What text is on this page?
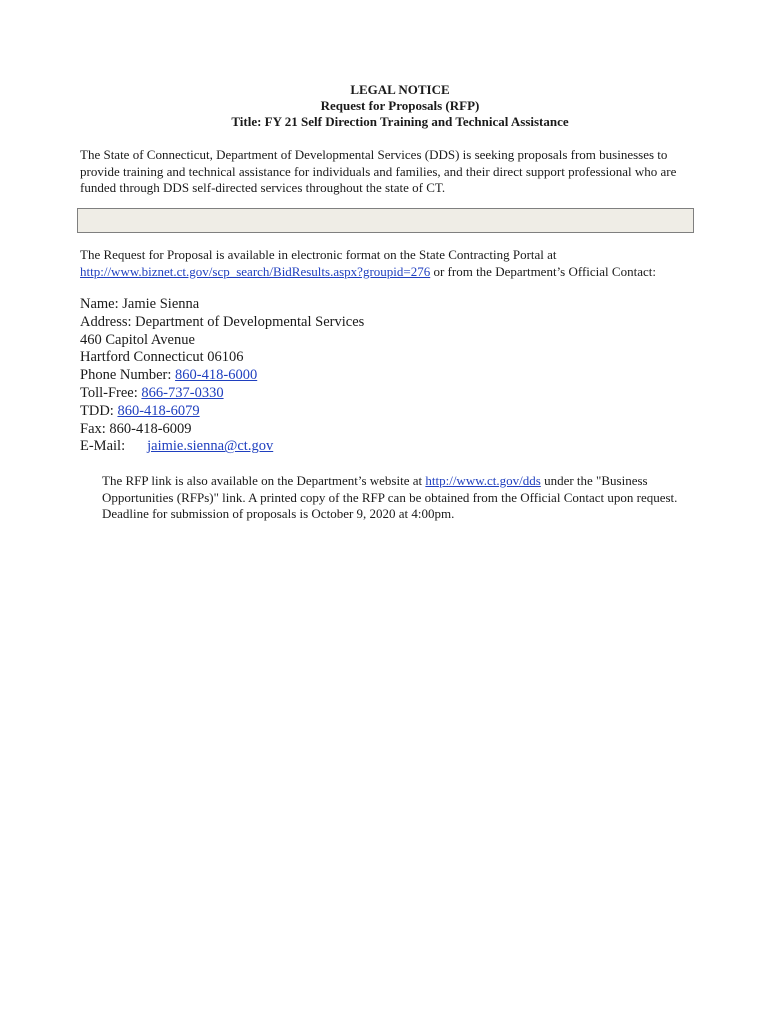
LEGAL NOTICE
Request for Proposals (RFP)
Title: FY 21 Self Direction Training and Technical Assistance
The State of Connecticut, Department of Developmental Services (DDS) is seeking proposals from businesses to provide training and technical assistance for individuals and families, and their direct support professional who are funded through DDS self-directed services throughout the state of CT.
The Request for Proposal is available in electronic format on the State Contracting Portal at
http://www.biznet.ct.gov/scp_search/BidResults.aspx?groupid=276 or from the Department’s Official Contact:
Name: Jamie Sienna
Address: Department of Developmental Services
460 Capitol Avenue
Hartford Connecticut 06106
Phone Number: 860-418-6000
Toll-Free: 866-737-0330
TDD: 860-418-6079
Fax: 860-418-6009
E-Mail: jaimie.sienna@ct.gov
The RFP link is also available on the Department’s website at http://www.ct.gov/dds under the "Business Opportunities (RFPs)" link. A printed copy of the RFP can be obtained from the Official Contact upon request. Deadline for submission of proposals is October 9, 2020 at 4:00pm.
